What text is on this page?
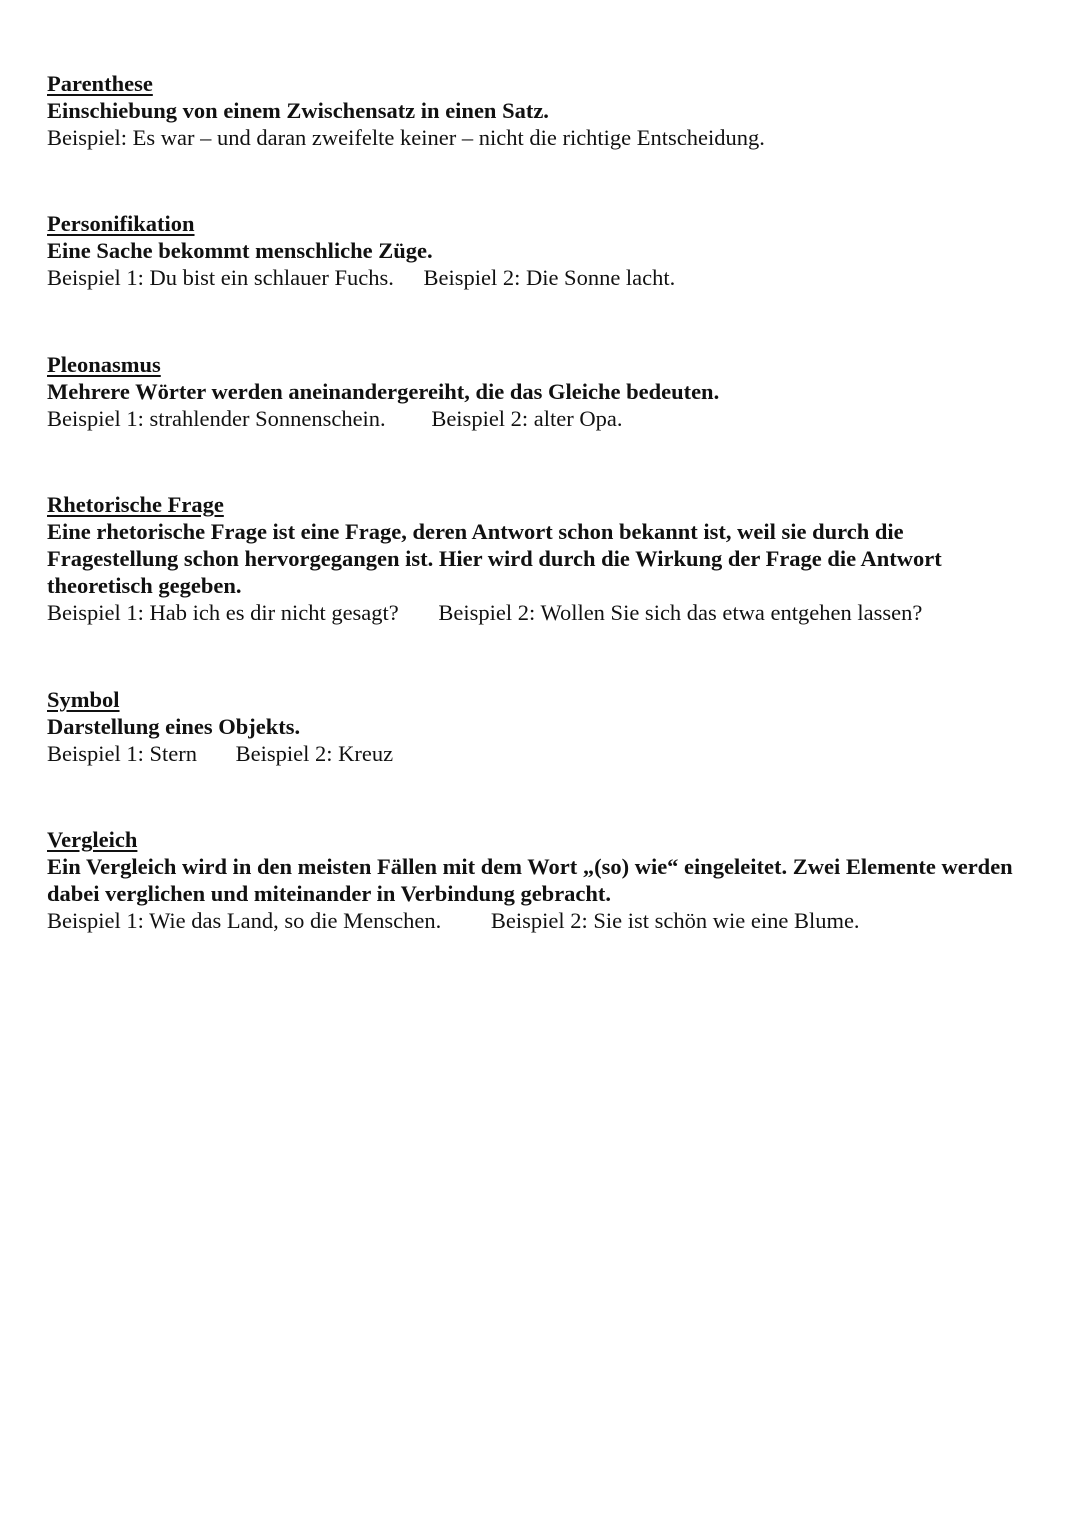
Parenthese
Einschiebung von einem Zwischensatz in einen Satz.
Beispiel: Es war – und daran zweifelte keiner – nicht die richtige Entscheidung.
Personifikation
Eine Sache bekommt menschliche Züge.
Beispiel 1: Du bist ein schlauer Fuchs. Beispiel 2: Die Sonne lacht.
Pleonasmus
Mehrere Wörter werden aneinandergereiht, die das Gleiche bedeuten.
Beispiel 1: strahlender Sonnenschein. Beispiel 2: alter Opa.
Rhetorische Frage
Eine rhetorische Frage ist eine Frage, deren Antwort schon bekannt ist, weil sie durch die Fragestellung schon hervorgegangen ist. Hier wird durch die Wirkung der Frage die Antwort theoretisch gegeben.
Beispiel 1: Hab ich es dir nicht gesagt? Beispiel 2: Wollen Sie sich das etwa entgehen lassen?
Symbol
Darstellung eines Objekts.
Beispiel 1: Stern Beispiel 2: Kreuz
Vergleich
Ein Vergleich wird in den meisten Fällen mit dem Wort „(so) wie“ eingeleitet. Zwei Elemente werden dabei verglichen und miteinander in Verbindung gebracht.
Beispiel 1: Wie das Land, so die Menschen. Beispiel 2: Sie ist schön wie eine Blume.
